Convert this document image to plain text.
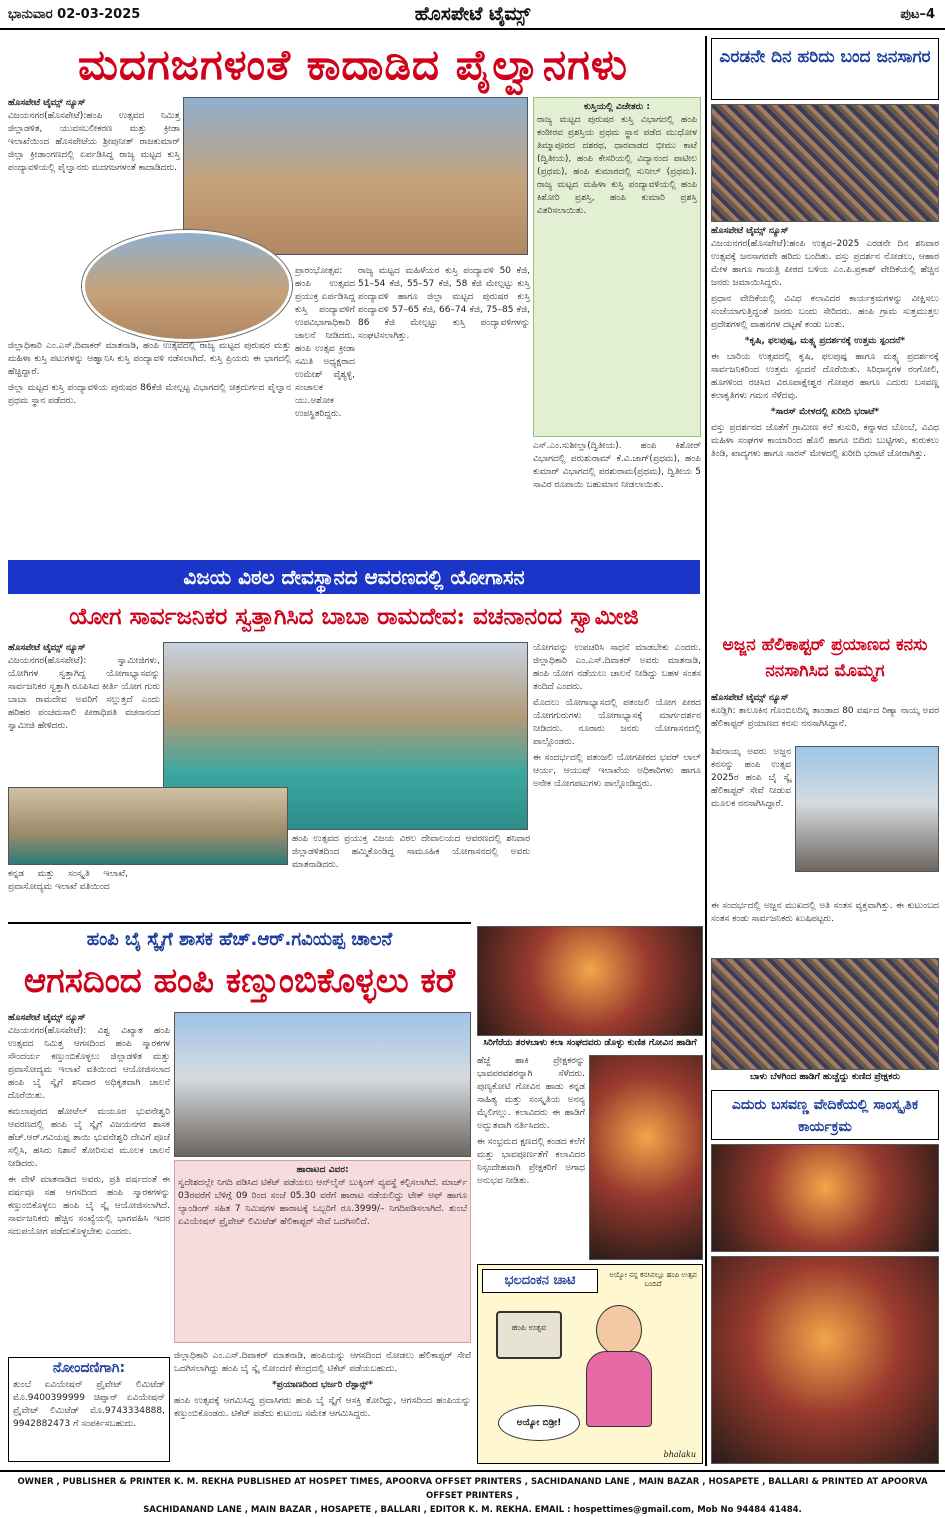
ಭಾನುವಾರ 02-03-2025	ಹೊಸಪೇಟೆ ಟೈಮ್ಸ್	ಪುಟ–4
ಮದಗಜಗಳಂತೆ ಕಾದಾಡಿದ ಪೈಲ್ವಾನಗಳು
ಹೊಸಪೇಟೆ ಟೈಮ್ಸ್ ನ್ಯೂಸ್

ವಿಜಯನಗರ(ಹೊಸಪೇಟೆ):ಹಂಪಿ ಉತ್ಸವದ ನಿಮಿತ್ತ ಜಿಲ್ಲಾಡಳಿತ, ಯುವಸಬಲೀಕರಣ ಮತ್ತು ಕ್ರೀಡಾ ಇಲಾಖೆಯಿಂದ ಹೊಸಪೇಟೆಯ ಶ್ರೀಪುನೀತ್ ರಾಜಕುಮಾರ್ ಜಿಲ್ಲಾ ಕ್ರೀಡಾಂಗಣದಲ್ಲಿ ಏರ್ಪಡಿಸಿದ್ದ ರಾಜ್ಯ ಮಟ್ಟದ ಕುಸ್ತಿ ಪಂದ್ಯಾವಳಿಯಲ್ಲಿ ಪೈಲ್ವಾನರು ಮದಗಜಗಳಂತೆ ಕಾದಾಡಿದರು.

ಜಿಲ್ಲಾಧಿಕಾರಿ ಎಂ.ಎಸ್.ದಿವಾಕರ್ ಮಾತನಾಡಿ, ಹಂಪಿ ಉತ್ಸವದಲ್ಲಿ ರಾಜ್ಯ ಮಟ್ಟದ ಪುರುಷರ ಮತ್ತು ಮಹಿಳಾ ಕುಸ್ತಿ ಪಟುಗಳನ್ನು ಆಹ್ವಾನಿಸಿ ಕುಸ್ತಿ ಪಂದ್ಯಾವಳಿ ನಡೆಸಲಾಗಿದೆ. ಕುಸ್ತಿ ಪ್ರಿಯರು ಈ ಭಾಗದಲ್ಲಿ ಹೆಚ್ಚಿದ್ದಾರೆ.

ಜಿಲ್ಲಾ ಮಟ್ಟದ ಕುಸ್ತಿ ಪಂದ್ಯಾವಳಿಯ ಪುರುಷರ 86ಕೆಜಿ ಮೇಲ್ಪಟ್ಟ ವಿಭಾಗದಲ್ಲಿ ಚಿತ್ರದುರ್ಗದ ಪೈಲ್ವಾನ ಪ್ರಥಮ ಸ್ಥಾನ ಪಡೆದರು.

ಪ್ರಾರಂಭೋತ್ಸವ: ಹಂಪಿ ಉತ್ಸವದ ಪ್ರಯುಕ್ತ ಏರ್ಪಡಿಸಿದ್ದ ಕುಸ್ತಿ ಪಂದ್ಯಾವಳಿಗೆ ಉಪವಿಭಾಗಾಧಿಕಾರಿ ಚಾಲನೆ ನೀಡಿದರು. ಹಂಪಿ ಉತ್ಸವ ಕ್ರೀಡಾ ಸಮಿತಿ ಅಧ್ಯಕ್ಷರಾದ ಉಮೇಶ್ ವೈಶ್ಯಳ್ಳಿ, ಸಂಚಾಲಕ ಯು.ಅಶೋಕ ಉಪಸ್ಥಿತರಿದ್ದರು.

ರಾಜ್ಯ ಮಟ್ಟದ ಮಹಿಳೆಯರ ಕುಸ್ತಿ ಪಂದ್ಯಾವಳಿ 50 ಕೆಜಿ, 51–54 ಕೆಜಿ, 55–57 ಕೆಜಿ, 58 ಕೆಜಿ ಮೇಲ್ಪಟ್ಟು ಕುಸ್ತಿ ಪಂದ್ಯಾವಳಿ ಹಾಗೂ ಜಿಲ್ಲಾ ಮಟ್ಟದ ಪುರುಷರ ಕುಸ್ತಿ ಪಂದ್ಯಾವಳಿ 57–65 ಕೆಜಿ, 66–74 ಕೆಜಿ, 75–85 ಕೆಜಿ, 86 ಕೆಜಿ ಮೇಲ್ಪಟ್ಟು ಕುಸ್ತಿ ಪಂದ್ಯಾವಳಿಗಳನ್ನು ಸಂಘಟಿಸಲಾಗಿತ್ತು.

ಕುಸ್ತಿಯಲ್ಲಿ ವಿಜೇತರು :

ರಾಜ್ಯ ಮಟ್ಟದ ಪುರುಷರ ಕುಸ್ತಿ ವಿಭಾಗದಲ್ಲಿ ಹಂಪಿ ಕಂಠೀರವ ಪ್ರಶಸ್ತಿಯ ಪ್ರಥಮ ಸ್ಥಾನ ಪಡೆದ ಮುಧೋಳ ತಿಮ್ಮಾಪೂರದ ದಶರಥ, ಧಾರವಾಡದ ಭೀಮು ಕಾಟೆ (ದ್ವಿತೀಯ), ಹಂಪಿ ಕೇಸರಿಯಲ್ಲಿ ವಿದ್ಯಾನಂದ ಪಾಟೀಲ (ಪ್ರಥಮ), ಹಂಪಿ ಕುಮಾರದಲ್ಲಿ ಸುನೀಲ್ (ಪ್ರಥಮ). ರಾಜ್ಯ ಮಟ್ಟದ ಮಹಿಳಾ ಕುಸ್ತಿ ಪಂದ್ಯಾವಳಿಯಲ್ಲಿ ಹಂಪಿ ಕಿಶೋರಿ ಪ್ರಶಸ್ತಿ, ಹಂಪಿ ಕುಮಾರಿ ಪ್ರಶಸ್ತಿ ವಿತರಿಸಲಾಯಿತು.

ಎಸ್.ಎಂ.ಸುಶೀಲ್ಲಾ(ದ್ವಿತೀಯ). ಹಂಪಿ ಕಿಶೋರ್ ವಿಭಾಗದಲ್ಲಿ ಪರುಶುರಾಮ್ ಕೆ.ವಿ.ಜಾಗ್(ಪ್ರಥಮ), ಹಂಪಿ ಕುಮಾರ್ ವಿಭಾಗದಲ್ಲಿ ಪರಶುರಾಮ(ಪ್ರಥಮ), ದ್ವಿತೀಯ 5 ಸಾವಿರ ರೂಪಾಯಿ ಬಹುಮಾನ ನೀಡಲಾಯಿತು.

ಎರಡನೇ ದಿನ ಹರಿದು ಬಂದ ಜನಸಾಗರ
ಹೊಸಪೇಟೆ ಟೈಮ್ಸ್ ನ್ಯೂಸ್

ವಿಜಯನಗರ(ಹೊಸಪೇಟೆ):ಹಂಪಿ ಉತ್ಸವ–2025 ಎರಡನೇ ದಿನ ಶನಿವಾರ ಉತ್ಸವಕ್ಕೆ ಜನಸಾಗರವೇ ಹರಿದು ಬಂದಿತು. ವಸ್ತು ಪ್ರದರ್ಶನ ನೋಡಲು, ಆಹಾರ ಮೇಳ ಹಾಗೂ ಗಾಯತ್ರಿ ಪೀಠದ ಬಳಿಯ ಎಂ.ಪಿ.ಪ್ರಕಾಶ್ ವೇದಿಕೆಯಲ್ಲಿ ಹೆಚ್ಚಿನ ಜನರು ಜಮಾಯಿಸಿದ್ದರು.

ಪ್ರಧಾನ ವೇದಿಕೆಯಲ್ಲಿ ವಿವಿಧ ಕಲಾವಿದರ ಕಾರ್ಯಕ್ರಮಗಳನ್ನು ವೀಕ್ಷಿಸಲು ಸಂಜೆಯಾಗುತ್ತಿದ್ದಂತೆ ಜನರು ಬಂದು ಸೇರಿದರು. ಹಂಪಿ ಗ್ರಾಮ ಸುತ್ತಮುತ್ತಲ ಪ್ರದೇಶಗಳಲ್ಲಿ ವಾಹನಗಳ ದಟ್ಟಣೆ ಕಂಡು ಬಂತು.

*ಕೃಷಿ, ಫಲಪುಷ್ಪ, ಮತ್ಸ್ಯ ಪ್ರದರ್ಶನಕ್ಕೆ ಉತ್ತಮ ಸ್ಪಂದನೆ*

ಈ ಬಾರಿಯ ಉತ್ಸವದಲ್ಲಿ ಕೃಷಿ, ಫಲಪುಷ್ಪ ಹಾಗೂ ಮತ್ಸ್ಯ ಪ್ರದರ್ಶನಕ್ಕೆ ಸಾರ್ವಜನಿಕರಿಂದ ಉತ್ತಮ ಸ್ಪಂದನೆ ದೊರೆಯಿತು. ಸಿರಿಧಾನ್ಯಗಳ ರಂಗೋಲಿ, ಹೂಗಳಿಂದ ರಚಿಸಿದ ವಿರೂಪಾಕ್ಷೇಶ್ವರ ಗೋಪುರ ಹಾಗೂ ಎದುರು ಬಸವಣ್ಣ ಕಲಾಕೃತಿಗಳು ಗಮನ ಸೆಳೆದವು.

*ಸಾರಸ್ ಮೇಳದಲ್ಲಿ ಖರೀದಿ ಭರಾಟೆ*

ವಸ್ತು ಪ್ರದರ್ಶನದ ಜೊತೆಗೆ ಗ್ರಾಮೀಣ ಕಲೆ ಕುಸುರಿ, ಕನ್ನಾಳದ ಬೊಂಬೆ, ವಿವಿಧ ಮಹಿಳಾ ಸಂಘಗಳ ಕಾಯಾರಿಂದ ಹೊಲಿ ಹಾಗೂ ಬಿದಿರು ಬುಟ್ಟಿಗಳು, ಕುರುಕಲು ತಿಂಡಿ, ಖಾದ್ಯಗಳು ಹಾಗೂ ಸಾರಸ್ ಮೇಳದಲ್ಲಿ ಖರೀದಿ ಭರಾಟೆ ಜೋರಾಗಿತ್ತು.

ವಿಜಯ ವಿಠಲ ದೇವಸ್ಥಾನದ ಆವರಣದಲ್ಲಿ ಯೋಗಾಸನ
ಯೋಗ ಸಾರ್ವಜನಿಕರ ಸ್ವತ್ತಾಗಿಸಿದ ಬಾಬಾ ರಾಮದೇವ: ವಚನಾನಂದ ಸ್ವಾಮೀಜಿ
ಹೊಸಪೇಟೆ ಟೈಮ್ಸ್ ನ್ಯೂಸ್

ವಿಜಯನಗರ(ಹೊಸಪೇಟೆ): ಸ್ವಾಮೀಜಿಗಳು, ಯೋಗಿಗಳ ಸ್ವತ್ತಾಗಿದ್ದ ಯೋಗಾಭ್ಯಾಸವನ್ನು ಸಾರ್ವಜನಿಕರ ಸ್ವತ್ತಾಗಿ ರೂಪಿಸಿದ ಕೀರ್ತಿ ಯೋಗ ಗುರು ಬಾಬಾ ರಾಮದೇವ ಅವರಿಗೆ ಸಲ್ಲುತ್ತದೆ ಎಂದು ಹರಿಹರ ಪಂಚಮಸಾಲಿ ಪೀಠಾಧಿಪತಿ ವಚನಾನಂದ ಸ್ವಾಮೀಜಿ ಹೇಳಿದರು.

ಕನ್ನಡ ಮತ್ತು ಸಂಸ್ಕೃತಿ ಇಲಾಖೆ, ಪ್ರವಾಸೋದ್ಯಮ ಇಲಾಖೆ ವತಿಯಿಂದ

ಹಂಪಿ ಉತ್ಸವದ ಪ್ರಯುಕ್ತ ವಿಜಯ ವಿಠಲ ದೇವಾಲಯದ ಆವರಣದಲ್ಲಿ ಶನಿವಾರ ಜಿಲ್ಲಾಡಳಿತದಿಂದ ಹಮ್ಮಿಕೊಂಡಿದ್ದ ಸಾಮೂಹಿಕ ಯೋಗಾಸನದಲ್ಲಿ ಅವರು ಮಾತನಾಡಿದರು.

ಯೋಗವನ್ನು ಉಪಚರಿಸಿ ಸಾಧನೆ ಮಾಡಬೇಕು ಎಂದರು. ಜಿಲ್ಲಾಧಿಕಾರಿ ಎಂ.ಎಸ್.ದಿವಾಕರ್ ಅವರು ಮಾತನಾಡಿ, ಹಂಪಿ ಯೋಗ ನಡೆಯಲು ಚಾಲನೆ ನೀಡಿದ್ದು ಬಹಳ ಸಂತಸ ತಂದಿದೆ ಎಂದರು.

ಮೊದಲು ಯೋಗಾಭ್ಯಾಸದಲ್ಲಿ ಪತಂಜಲಿ ಯೋಗ ಪೀಠದ ಯೋಗಗುರುಗಳು ಯೋಗಾಭ್ಯಾಸಕ್ಕೆ ಮಾರ್ಗದರ್ಶನ ನೀಡಿದರು. ನೂರಾರು ಜನರು ಯೋಗಾಸನದಲ್ಲಿ ಪಾಲ್ಗೊಂಡರು.

ಈ ಸಂದರ್ಭದಲ್ಲಿ ಪತಂಜಲಿ ಯೋಗಪೀಠದ ಭವರ್ ಲಾಲ್ ಆರ್ಯ, ಆಯುಷ್ ಇಲಾಖೆಯ ಅಧಿಕಾರಿಗಳು ಹಾಗೂ ಅನೇಕ ಯೋಗಪಟುಗಳು ಪಾಲ್ಗೊಂಡಿದ್ದರು.

ಅಜ್ಜನ ಹೆಲಿಕಾಪ್ಟರ್ ಪ್ರಯಾಣದ ಕನಸು ನನಸಾಗಿಸಿದ ಮೊಮ್ಮಗ
ಹೊಸಪೇಟೆ ಟೈಮ್ಸ್ ನ್ಯೂಸ್

ಕೂಡ್ಲಿಗಿ: ತಾಲೂಕಿನ ಗೊಂಬಿಲದಿನ್ನಿ ತಾಂಡಾದ 80 ವರ್ಷದ ರಿಣ್ಯಾ ನಾಯ್ಕ ಅವರ ಹೆಲಿಕಾಪ್ಟರ್ ಪ್ರಯಾಣದ ಕನಸು ನನಸಾಗಿಸಿದ್ದಾನೆ.

ಶಿವನಾಯ್ಕ ಅವರು ಅಜ್ಜನ ಕನಸನ್ನು ಹಂಪಿ ಉತ್ಸವ 2025ರ ಹಂಪಿ ಬೈ ಸ್ಕೈ ಹೆಲಿಕಾಪ್ಟರ್ ಸೇವೆ ನೀಡುವ ಮೂಲಕ ನನಸಾಗಿಸಿದ್ದಾರೆ.

ಈ ಸಂದರ್ಭದಲ್ಲಿ ಅಜ್ಜನ ಮುಖದಲ್ಲಿ ಅತಿ ಸಂತಸ ವ್ಯಕ್ತವಾಗಿತ್ತು. ಈ ಕುಟುಂಬದ ಸಂತಸ ಕಂಡು ಸಾರ್ವಜನಿಕರು ಖುಷಿಪಟ್ಟರು.

ಹಂಪಿ ಬೈ ಸ್ಕೈಗೆ ಶಾಸಕ ಹೆಚ್.ಆರ್.ಗವಿಯಪ್ಪ ಚಾಲನೆ
ಆಗಸದಿಂದ ಹಂಪಿ ಕಣ್ತುಂಬಿಕೊಳ್ಳಲು ಕರೆ
ಹೊಸಪೇಟೆ ಟೈಮ್ಸ್ ನ್ಯೂಸ್

ವಿಜಯನಗರ(ಹೊಸಪೇಟೆ): ವಿಶ್ವ ವಿಖ್ಯಾತ ಹಂಪಿ ಉತ್ಸವದ ನಿಮಿತ್ತ ಆಗಸದಿಂದ ಹಂಪಿ ಸ್ಮಾರಕಗಳ ಸೌಂದರ್ಯ ಕಣ್ತುಂಬಿಕೊಳ್ಳಲು ಜಿಲ್ಲಾಡಳಿತ ಮತ್ತು ಪ್ರವಾಸೋದ್ಯಮ ಇಲಾಖೆ ವತಿಯಿಂದ ಆಯೋಜಿಸಲಾದ ಹಂಪಿ ಬೈ ಸ್ಕೈಗೆ ಶನಿವಾರ ಅಧಿಕೃತವಾಗಿ ಚಾಲನೆ ದೊರೆಯಿತು.

ಕಮಲಾಪುರದ ಹೋಟೆಲ್ ಮಯೂರ ಭುವನೇಶ್ವರಿ ಆವರಣದಲ್ಲಿ ಹಂಪಿ ಬೈ ಸ್ಕೈಗೆ ವಿಜಯನಗರ ಶಾಸಕ ಹೆಚ್.ಆರ್.ಗವಿಯಪ್ಪ ತಾಯಿ ಭುವನೇಶ್ವರಿ ದೇವಿಗೆ ಪೂಜೆ ಸಲ್ಲಿಸಿ, ಹಸಿರು ನಿಶಾನೆ ತೋರಿಸುವ ಮೂಲಕ ಚಾಲನೆ ನೀಡಿದರು.

ಈ ವೇಳೆ ಮಾತನಾಡಿದ ಅವರು, ಪ್ರತಿ ವರ್ಷದಂತೆ ಈ ವರ್ಷವೂ ಸಹ ಆಗಸದಿಂದ ಹಂಪಿ ಸ್ಮಾರಕಗಳನ್ನು ಕಣ್ತುಂಬಿಕೊಳ್ಳಲು ಹಂಪಿ ಬೈ ಸ್ಕೈ ಆಯೋಜಿಸಲಾಗಿದೆ. ಸಾರ್ವಜನಿಕರು ಹೆಚ್ಚಿನ ಸಂಖ್ಯೆಯಲ್ಲಿ ಭಾಗವಹಿಸಿ ಇದರ ಸದುಪಯೋಗ ಪಡೆದುಕೊಳ್ಳಬೇಕು ಎಂದರು.

ಹಾರಾಟದ ವಿವರ:

ಸ್ವದೇಶದಲ್ಲೇ ನಿಗದಿ ಪಡಿಸಿದ ಟಿಕೆಟ್ ಪಡೆಯಲು ಆನ್‌ಲೈನ್ ಬುಕ್ಕಿಂಗ್ ವ್ಯವಸ್ಥೆ ಕಲ್ಪಿಸಲಾಗಿದೆ. ಮಾರ್ಚ್ 03ರವರೆಗೆ ಬೆಳಿಗ್ಗೆ 09 ರಿಂದ ಸಂಜೆ 05.30 ವರೆಗೆ ಹಾರಾಟ ನಡೆಯಲಿದ್ದು ಟೇಕ್ ಆಫ್ ಹಾಗೂ ಲ್ಯಾಂಡಿಂಗ್ ಸಹಿತ 7 ನಿಮಿಷಗಳ ಹಾರಾಟಕ್ಕೆ ಒಬ್ಬರಿಗೆ ರೂ.3999/– ನಿಗದಿಪಡಿಸಲಾಗಿದೆ. ತುಂಬೆ ಏವಿಯೇಷನ್ ಪ್ರೈವೇಟ್ ಲಿಮಿಟೆಡ್ ಹೆಲಿಕಾಪ್ಟರ್ ಸೇವೆ ಒದಗಿಸಲಿದೆ.

ನೋಂದಣಿಗಾಗಿ:

ತುಂಬೆ ಏವಿಯೇಷನ್ ಪ್ರೈವೇಟ್ ಲಿಮಿಟೆಡ್ ಮೊ.9400399999 ಚಿಪ್ಸಾನ್ ಏವಿಯೇಷನ್ ಪ್ರೈವೇಟ್ ಲಿಮಿಟೆಡ್ ಮೊ.9743334888, 9942882473 ಗೆ ಸಂಪರ್ಕಿಸಬಹುದು.

ಜಿಲ್ಲಾಧಿಕಾರಿ ಎಂ.ಎಸ್.ದಿವಾಕರ್ ಮಾತನಾಡಿ, ಹಂಪಿಯನ್ನು ಆಗಸದಿಂದ ನೋಡಲು ಹೆಲಿಕಾಪ್ಟರ್ ಸೇವೆ ಒದಗಿಸಲಾಗಿದ್ದು ಹಂಪಿ ಬೈ ಸ್ಕೈ ನೋಂದಣಿ ಕೇಂದ್ರದಲ್ಲಿ ಟಿಕೆಟ್ ಪಡೆಯಬಹುದು.

*ಪ್ರಯಾಣದಿಂದ ಭರ್ಜರಿ ರೆಸ್ಪಾನ್ಸ್*

ಹಂಪಿ ಉತ್ಸವಕ್ಕೆ ಆಗಮಿಸಿದ್ದ ಪ್ರವಾಸಿಗರು ಹಂಪಿ ಬೈ ಸ್ಕೈಗೆ ಆಸಕ್ತಿ ತೋರಿದ್ದು, ಆಗಸದಿಂದ ಹಂಪಿಯನ್ನು ಕಣ್ತುಂಬಿಕೊಂಡರು. ಟಿಕೆಟ್ ಪಡೆದು ಕುಟುಂಬ ಸಮೇತ ಆಗಮಿಸಿದ್ದರು.

ಸಿರಿಗೆರೆಯ ತರಳಬಾಳು ಕಲಾ ಸಂಘದವರು ಡೊಳ್ಳು ಕುಣಿತ ಗೋವಿನ ಹಾಡಿಗೆ

ಹೆಜ್ಜೆ ಹಾಕಿ ಪ್ರೇಕ್ಷಕರನ್ನು ಭಾವಪರವಶರನ್ನಾಗಿ ಸೆಳೆದರು. ಪುಣ್ಯಕೋಟಿ ಗೋವಿನ ಹಾಡು ಕನ್ನಡ ಸಾಹಿತ್ಯ ಮತ್ತು ಸಂಸ್ಕೃತಿಯ ಅನನ್ಯ ಮೈಲಿಗಲ್ಲು. ಕಲಾವಿದರು ಈ ಹಾಡಿಗೆ ಅದ್ಭುತವಾಗಿ ನರ್ತಿಸಿದರು.

ಈ ಸಂಭ್ರಮದ ಕ್ಷಣದಲ್ಲಿ ಕಂಡದ ಕಲೆಗೆ ಮತ್ತು ಭಾವಪೂರ್ಣತೆಗೆ ಕಲಾವಿದರ ನಿಸ್ಸಂದೇಹವಾಗಿ ಪ್ರೇಕ್ಷಕರಿಗೆ ಅಗಾಧ ಅನುಭವ ನೀಡಿತು.

ಭಲದಂಕನ ಚಾಟಿ	ಅಯ್ಯೋ ನನ್ನ ಕನಸಿನಲ್ಲೂ ಹಂಪಿ ಉತ್ಸವ ಬಂದಿದೆ
ಹಂಪಿ ಉತ್ಸವ
ಅಯ್ಯೋ ಬಿಡ್ರೀ!
bhalaku
ಬಾಳು ಬೆಳಗಿಂದ ಹಾಡಿಗೆ ಹುಚ್ಚೆದ್ದು ಕುಣಿದ ಪ್ರೇಕ್ಷಕರು
ಎದುರು ಬಸವಣ್ಣ ವೇದಿಕೆಯಲ್ಲಿ ಸಾಂಸ್ಕೃತಿಕ ಕಾರ್ಯಕ್ರಮ
OWNER , PUBLISHER & PRINTER K. M. REKHA PUBLISHED AT HOSPET TIMES, APOORVA OFFSET PRINTERS , SACHIDANAND LANE , MAIN BAZAR , HOSAPETE , BALLARI & PRINTED AT APOORVA OFFSET PRINTERS ,
SACHIDANAND LANE , MAIN BAZAR , HOSAPETE , BALLARI , EDITOR K. M. REKHA. EMAIL : hospettimes@gmail.com, Mob No 94484 41484.
